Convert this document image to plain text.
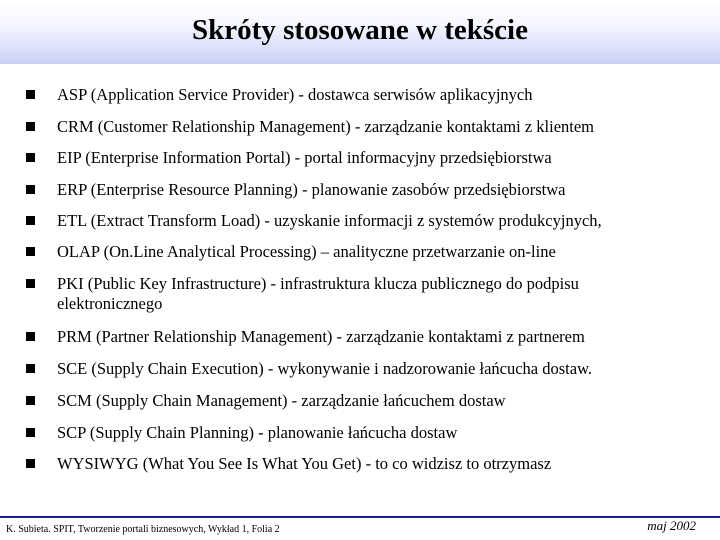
Skróty stosowane w tekście
ASP (Application Service Provider) - dostawca serwisów aplikacyjnych
CRM (Customer Relationship Management) - zarządzanie kontaktami z klientem
EIP (Enterprise Information Portal) - portal informacyjny przedsiębiorstwa
ERP (Enterprise Resource Planning) - planowanie zasobów przedsiębiorstwa
ETL (Extract Transform Load) - uzyskanie informacji z systemów produkcyjnych,
OLAP (On.Line Analytical Processing) – analityczne przetwarzanie on-line
PKI (Public Key Infrastructure) - infrastruktura klucza publicznego do podpisu elektronicznego
PRM (Partner Relationship Management) - zarządzanie kontaktami z partnerem
SCE (Supply Chain Execution) - wykonywanie i nadzorowanie łańcucha dostaw.
SCM (Supply Chain Management) - zarządzanie łańcuchem dostaw
SCP (Supply Chain Planning) - planowanie łańcucha dostaw
WYSIWYG (What You See Is What You Get) - to co widzisz to otrzymasz
K. Subieta. SPIT, Tworzenie portali biznesowych, Wykład 1, Folia 2	maj 2002
